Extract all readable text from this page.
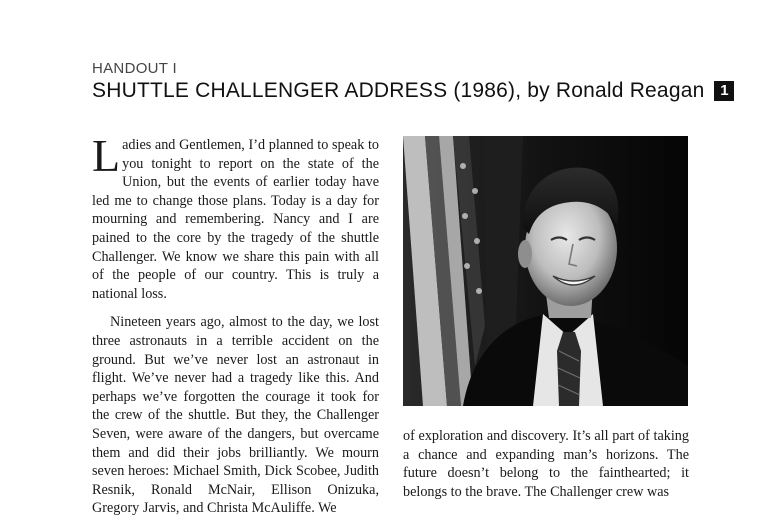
HANDOUT I
SHUTTLE CHALLENGER ADDRESS (1986), by Ronald Reagan	1

Ladies and Gentlemen, I’d planned to speak to you tonight to report on the state of the Union, but the events of earlier today have led me to change those plans. Today is a day for mourning and remembering. Nancy and I are pained to the core by the tragedy of the shuttle Challenger. We know we share this pain with all of the people of our country. This is truly a national loss.

Nineteen years ago, almost to the day, we lost three astronauts in a terrible accident on the ground. But we’ve never lost an astronaut in flight. We’ve never had a tragedy like this. And perhaps we’ve forgotten the courage it took for the crew of the shuttle. But they, the Challenger Seven, were aware of the dangers, but overcame them and did their jobs brilliantly. We mourn seven heroes: Michael Smith, Dick Scobee, Judith Resnik, Ronald McNair, Ellison Onizuka, Gregory Jarvis, and Christa McAuliffe. We

of exploration and discovery. It’s all part of taking a chance and expanding man’s horizons. The future doesn’t belong to the fainthearted; it belongs to the brave. The Challenger crew was
